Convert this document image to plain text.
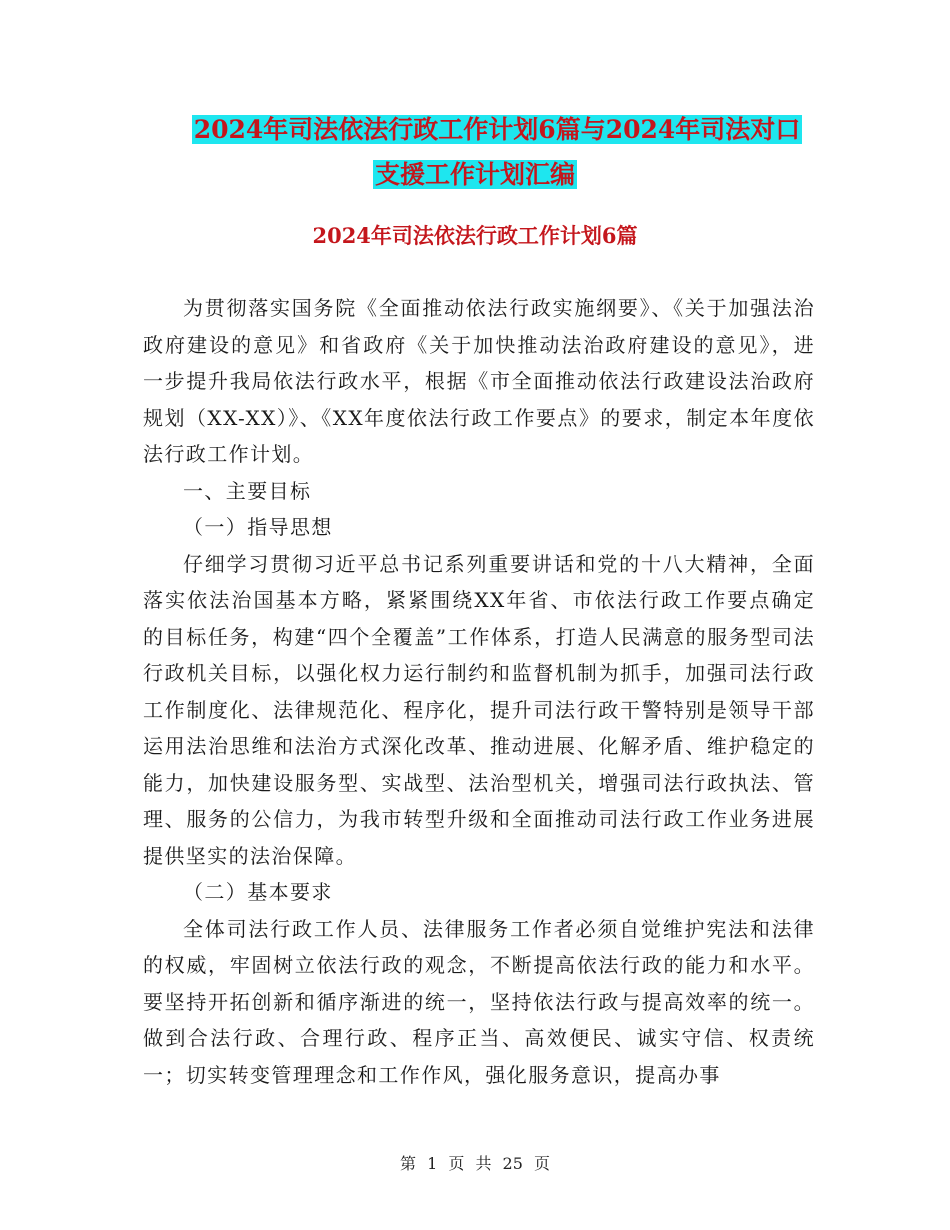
2024年司法依法行政工作计划6篇与2024年司法对口
支援工作计划汇编
2024年司法依法行政工作计划6篇

为贯彻落实国务院《全面推动依法行政实施纲要》、《关于加强法治政府建设的意见》和省政府《关于加快推动法治政府建设的意见》，进一步提升我局依法行政水平，根据《市全面推动依法行政建设法治政府规划（XX-XX）》、《XX年度依法行政工作要点》的要求，制定本年度依法行政工作计划。

一、主要目标

（一）指导思想

仔细学习贯彻习近平总书记系列重要讲话和党的十八大精神，全面落实依法治国基本方略，紧紧围绕XX年省、市依法行政工作要点确定的目标任务，构建“四个全覆盖”工作体系，打造人民满意的服务型司法行政机关目标，以强化权力运行制约和监督机制为抓手，加强司法行政工作制度化、法律规范化、程序化，提升司法行政干警特别是领导干部运用法治思维和法治方式深化改革、推动进展、化解矛盾、维护稳定的能力，加快建设服务型、实战型、法治型机关，增强司法行政执法、管理、服务的公信力，为我市转型升级和全面推动司法行政工作业务进展提供坚实的法治保障。

（二）基本要求

全体司法行政工作人员、法律服务工作者必须自觉维护宪法和法律的权威，牢固树立依法行政的观念，不断提高依法行政的能力和水平。要坚持开拓创新和循序渐进的统一，坚持依法行政与提高效率的统一。做到合法行政、合理行政、程序正当、高效便民、诚实守信、权责统一；切实转变管理理念和工作作风，强化服务意识，提高办事

第 1 页 共 25 页
